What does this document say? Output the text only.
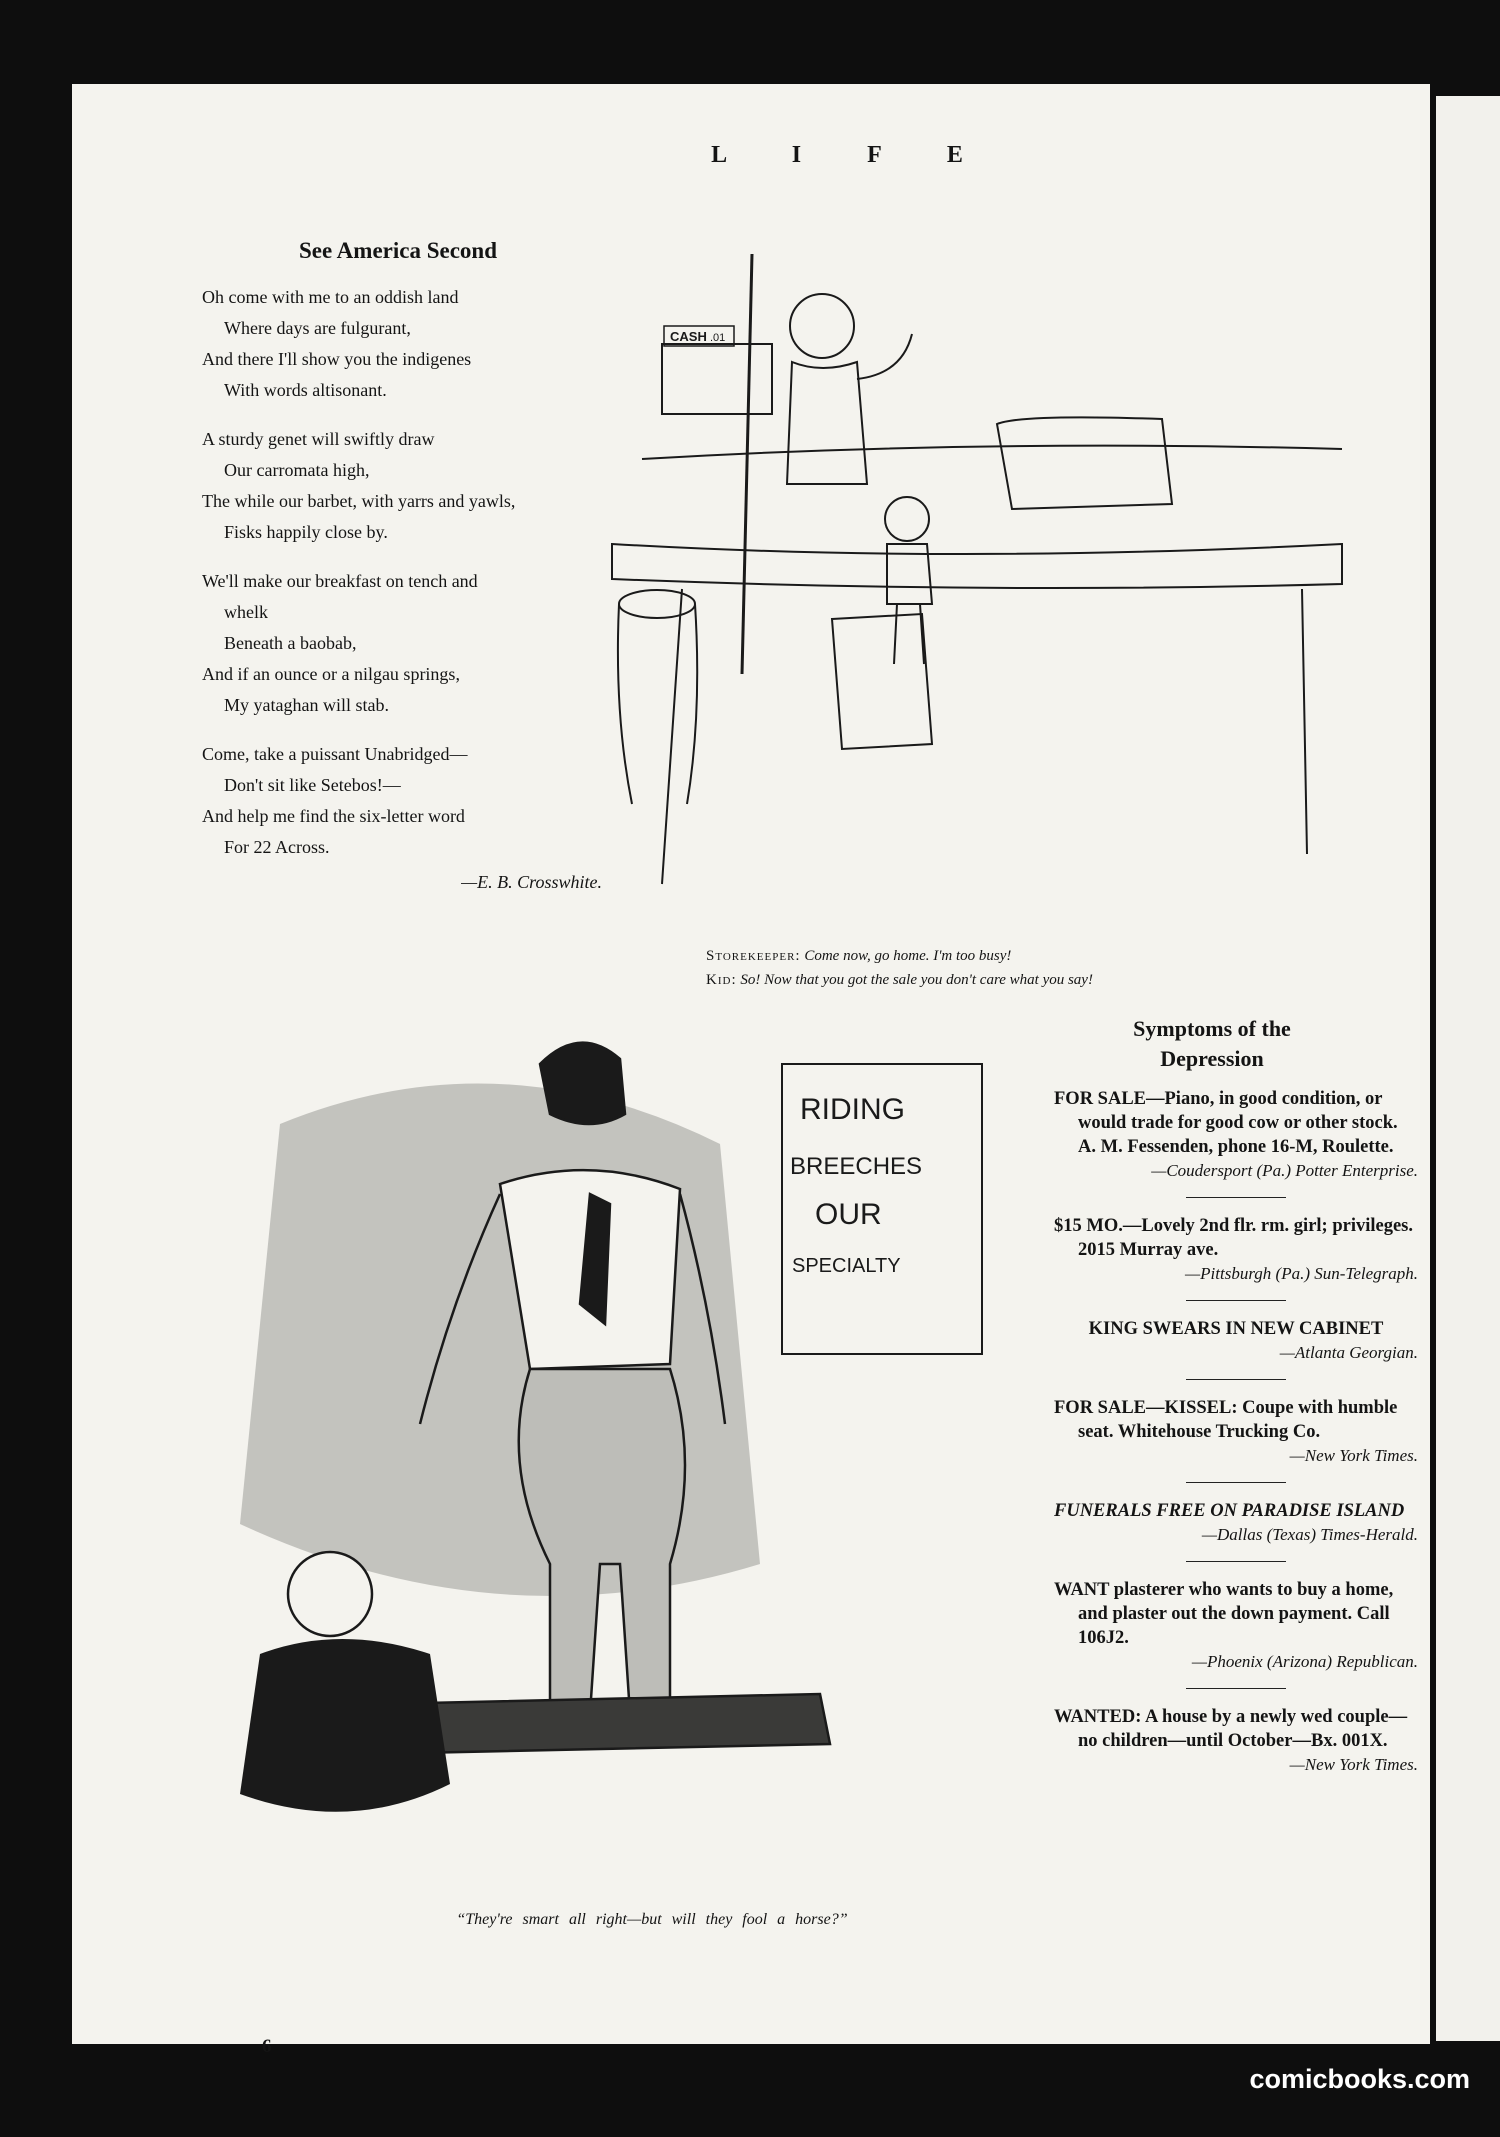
L I F E
See America Second
Oh come with me to an oddish land
Where days are fulgurant,
And there I'll show you the indigenes
With words altisonant.
A sturdy genet will swiftly draw
Our carromata high,
The while our barbet, with yarrs and yawls,
Fisks happily close by.
We'll make our breakfast on tench and
whelk
Beneath a baobab,
And if an ounce or a nilgau springs,
My yataghan will stab.
Come, take a puissant Unabridged—
Don't sit like Setebos!—
And help me find the six-letter word
For 22 Across.
—E. B. Crosswhite.
CASH .01
Storekeeper: Come now, go home. I'm too busy!
Kid: So! Now that you got the sale you don't care what you say!
RIDING
BREECHES
OUR
SPECIALTY
“They're smart all right—but will they fool a horse?”
Symptoms of the
Depression
FOR SALE—Piano, in good condition, or would trade for good cow or other stock. A. M. Fessenden, phone 16-M, Roulette.
—Coudersport (Pa.) Potter Enterprise.
$15 MO.—Lovely 2nd flr. rm. girl; privileges. 2015 Murray ave.
—Pittsburgh (Pa.) Sun-Telegraph.
KING SWEARS IN NEW CABINET
—Atlanta Georgian.
FOR SALE—KISSEL: Coupe with humble seat. Whitehouse Trucking Co.
—New York Times.
FUNERALS FREE ON PARADISE ISLAND
—Dallas (Texas) Times-Herald.
WANT plasterer who wants to buy a home, and plaster out the down payment. Call 106J2.
—Phoenix (Arizona) Republican.
WANTED: A house by a newly wed couple—no children—until October—Bx. 001X.
—New York Times.
6
comicbooks.com
